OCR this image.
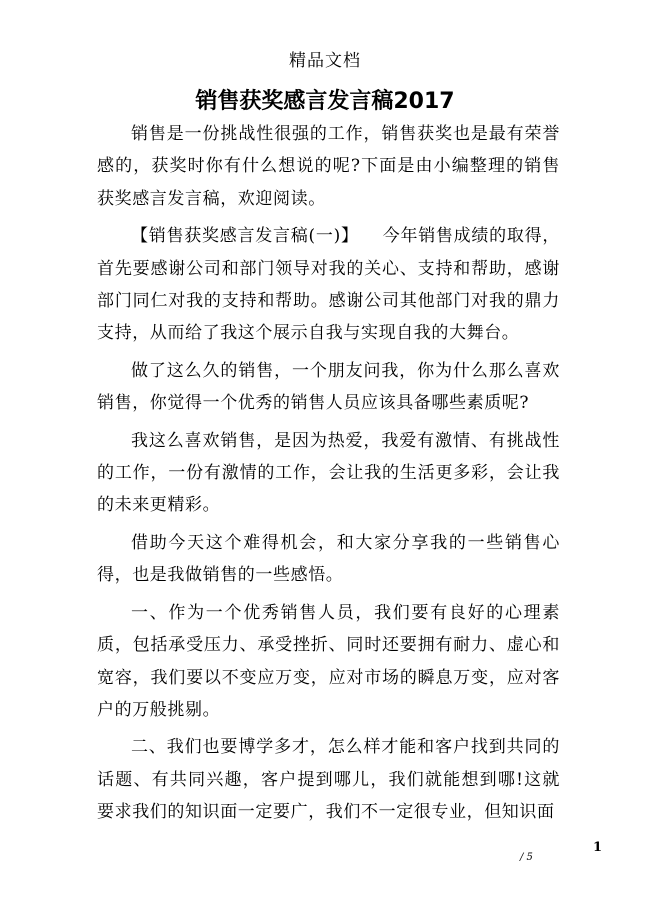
精品文档
销售获奖感言发言稿2017

销售是一份挑战性很强的工作，销售获奖也是最有荣誉感的，获奖时你有什么想说的呢?下面是由小编整理的销售获奖感言发言稿，欢迎阅读。

【销售获奖感言发言稿(一)】 今年销售成绩的取得，首先要感谢公司和部门领导对我的关心、支持和帮助，感谢部门同仁对我的支持和帮助。感谢公司其他部门对我的鼎力支持，从而给了我这个展示自我与实现自我的大舞台。

做了这么久的销售，一个朋友问我，你为什么那么喜欢销售，你觉得一个优秀的销售人员应该具备哪些素质呢?

我这么喜欢销售，是因为热爱，我爱有激情、有挑战性的工作，一份有激情的工作，会让我的生活更多彩，会让我的未来更精彩。

借助今天这个难得机会，和大家分享我的一些销售心得，也是我做销售的一些感悟。

一、作为一个优秀销售人员，我们要有良好的心理素质，包括承受压力、承受挫折、同时还要拥有耐力、虚心和宽容，我们要以不变应万变，应对市场的瞬息万变，应对客户的万般挑剔。

二、我们也要博学多才，怎么样才能和客户找到共同的话题、有共同兴趣，客户提到哪儿，我们就能想到哪!这就要求我们的知识面一定要广，我们不一定很专业，但知识面

1
/ 5
